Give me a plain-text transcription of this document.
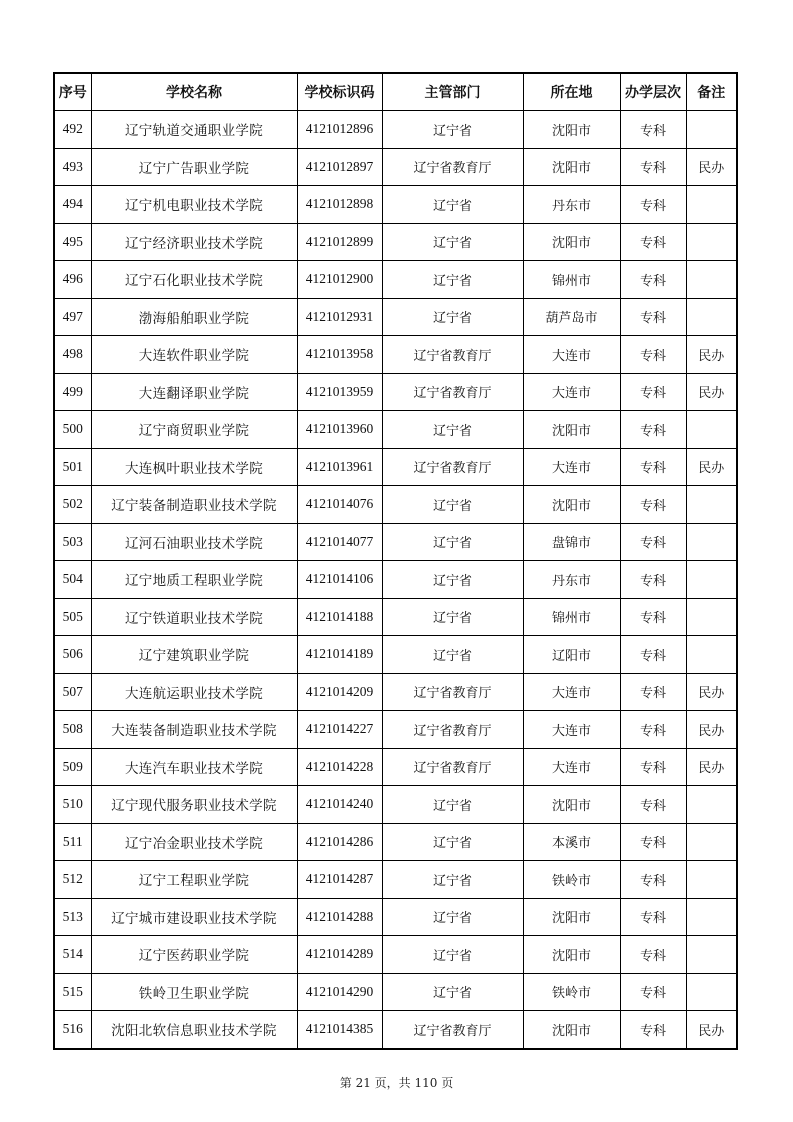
序号	学校名称	学校标识码	主管部门	所在地	办学层次	备注
492	辽宁轨道交通职业学院	4121012896	辽宁省	沈阳市	专科	
493	辽宁广告职业学院	4121012897	辽宁省教育厅	沈阳市	专科	民办
494	辽宁机电职业技术学院	4121012898	辽宁省	丹东市	专科	
495	辽宁经济职业技术学院	4121012899	辽宁省	沈阳市	专科	
496	辽宁石化职业技术学院	4121012900	辽宁省	锦州市	专科	
497	渤海船舶职业学院	4121012931	辽宁省	葫芦岛市	专科	
498	大连软件职业学院	4121013958	辽宁省教育厅	大连市	专科	民办
499	大连翻译职业学院	4121013959	辽宁省教育厅	大连市	专科	民办
500	辽宁商贸职业学院	4121013960	辽宁省	沈阳市	专科	
501	大连枫叶职业技术学院	4121013961	辽宁省教育厅	大连市	专科	民办
502	辽宁装备制造职业技术学院	4121014076	辽宁省	沈阳市	专科	
503	辽河石油职业技术学院	4121014077	辽宁省	盘锦市	专科	
504	辽宁地质工程职业学院	4121014106	辽宁省	丹东市	专科	
505	辽宁铁道职业技术学院	4121014188	辽宁省	锦州市	专科	
506	辽宁建筑职业学院	4121014189	辽宁省	辽阳市	专科	
507	大连航运职业技术学院	4121014209	辽宁省教育厅	大连市	专科	民办
508	大连装备制造职业技术学院	4121014227	辽宁省教育厅	大连市	专科	民办
509	大连汽车职业技术学院	4121014228	辽宁省教育厅	大连市	专科	民办
510	辽宁现代服务职业技术学院	4121014240	辽宁省	沈阳市	专科	
511	辽宁冶金职业技术学院	4121014286	辽宁省	本溪市	专科	
512	辽宁工程职业学院	4121014287	辽宁省	铁岭市	专科	
513	辽宁城市建设职业技术学院	4121014288	辽宁省	沈阳市	专科	
514	辽宁医药职业学院	4121014289	辽宁省	沈阳市	专科	
515	铁岭卫生职业学院	4121014290	辽宁省	铁岭市	专科	
516	沈阳北软信息职业技术学院	4121014385	辽宁省教育厅	沈阳市	专科	民办
第 21 页，共 110 页
